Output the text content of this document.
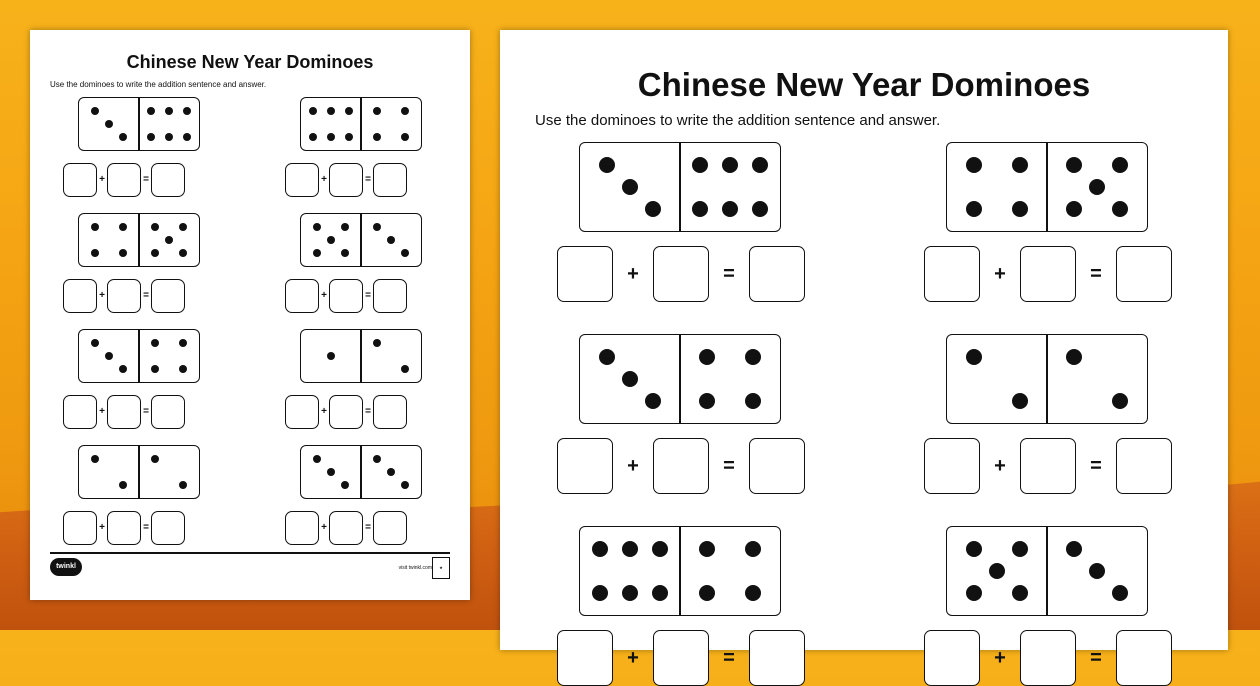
Chinese New Year Dominoes
Use the dominoes to write the addition sentence and answer.
twinkl	visit twinkl.com	★
+	=
+	=
+	=
+	=
+	=
+	=
+	=
+	=
Chinese New Year Dominoes
Use the dominoes to write the addition sentence and answer.
+	=	+	=
+	=	+	=
+	=	+	=
